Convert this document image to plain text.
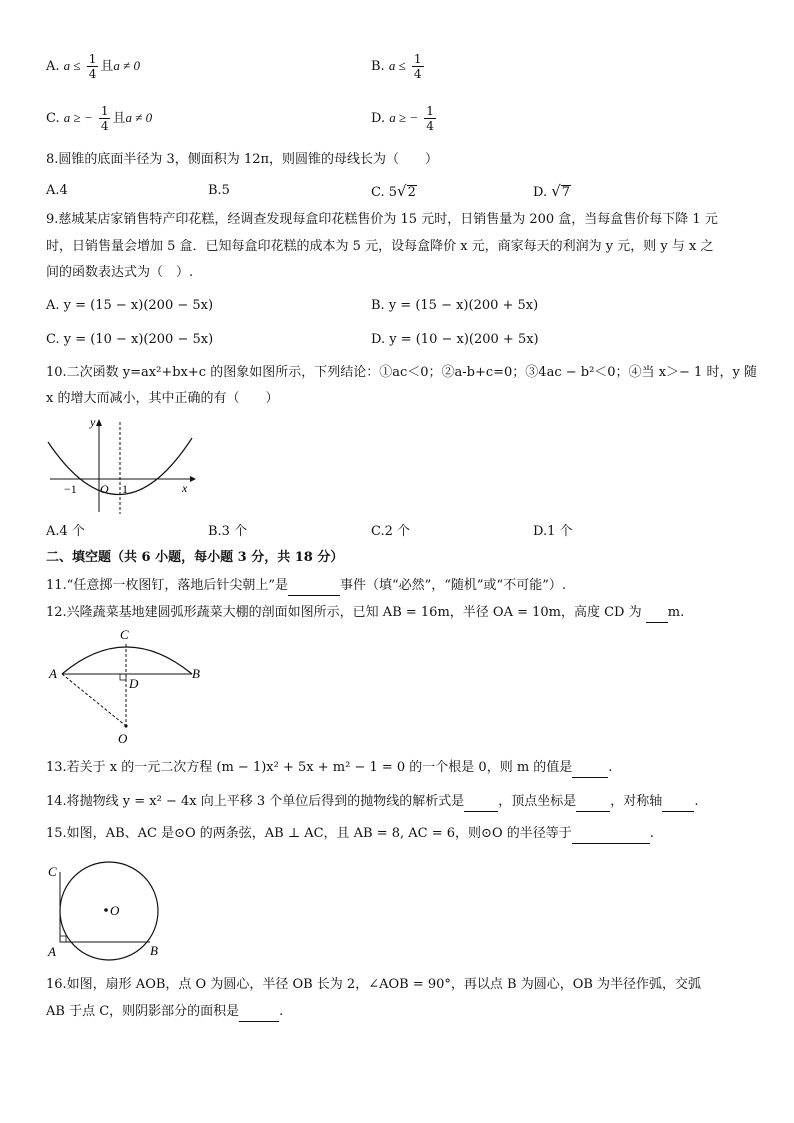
A. $a \le \frac{1}{4}$ 且a ≠ 0	B. $a \le \frac{1}{4}$
C. a ≥ − $\frac{1}{4}$ 且a ≠ 0	D. a ≥ − $\frac{1}{4}$
8.圆锥的底面半径为 3，侧面积为 12π，则圆锥的母线长为（　　）
A.4	B.5	C. 5√2	D. √7
9.慈城某店家销售特产印花糕，经调查发现每盒印花糕售价为 15 元时，日销售量为 200 盒，当每盒售价每下降 1 元
时，日销售量会增加 5 盒．已知每盒印花糕的成本为 5 元，设每盒降价 x 元，商家每天的利润为 y 元，则 y 与 x 之
间的函数表达式为（　）.
A. y = (15 − x)(200 − 5x)	B. y = (15 − x)(200 + 5x)
C. y = (10 − x)(200 − 5x)	D. y = (10 − x)(200 + 5x)
10.二次函数 y=ax²+bx+c 的图象如图所示，下列结论：①ac＜0；②a-b+c=0；③4ac − b²＜0；④当 x＞− 1 时，y 随
x 的增大而减小，其中正确的有（　　）
y
x
−1 O 1
A.4 个	B.3 个	C.2 个	D.1 个
二、填空题（共 6 小题，每小题 3 分，共 18 分）
11.“任意掷一枚图钉，落地后针尖朝上”是	事件（填“必然”，“随机”或“不可能”）.
12.兴隆蔬菜基地建圆弧形蔬菜大棚的剖面如图所示，已知 AB = 16m，半径 OA = 10m，高度 CD 为 m.
C
A	B
D
O
13.若关于 x 的一元二次方程 (m − 1)x² + 5x + m² − 1 = 0 的一个根是 0，则 m 的值是	.
14.将抛物线 y = x² − 4x 向上平移 3 个单位后得到的抛物线的解析式是	，顶点坐标是	，对称轴 .
15.如图，AB、AC 是⊙O 的两条弦，AB ⊥ AC，且 AB = 8, AC = 6，则⊙O 的半径等于	.
O
C
A	B
16.如图，扇形 AOB，点 O 为圆心，半径 OB 长为 2，∠AOB = 90°，再以点 B 为圆心，OB 为半径作弧，交弧
AB 于点 C，则阴影部分的面积是	.
